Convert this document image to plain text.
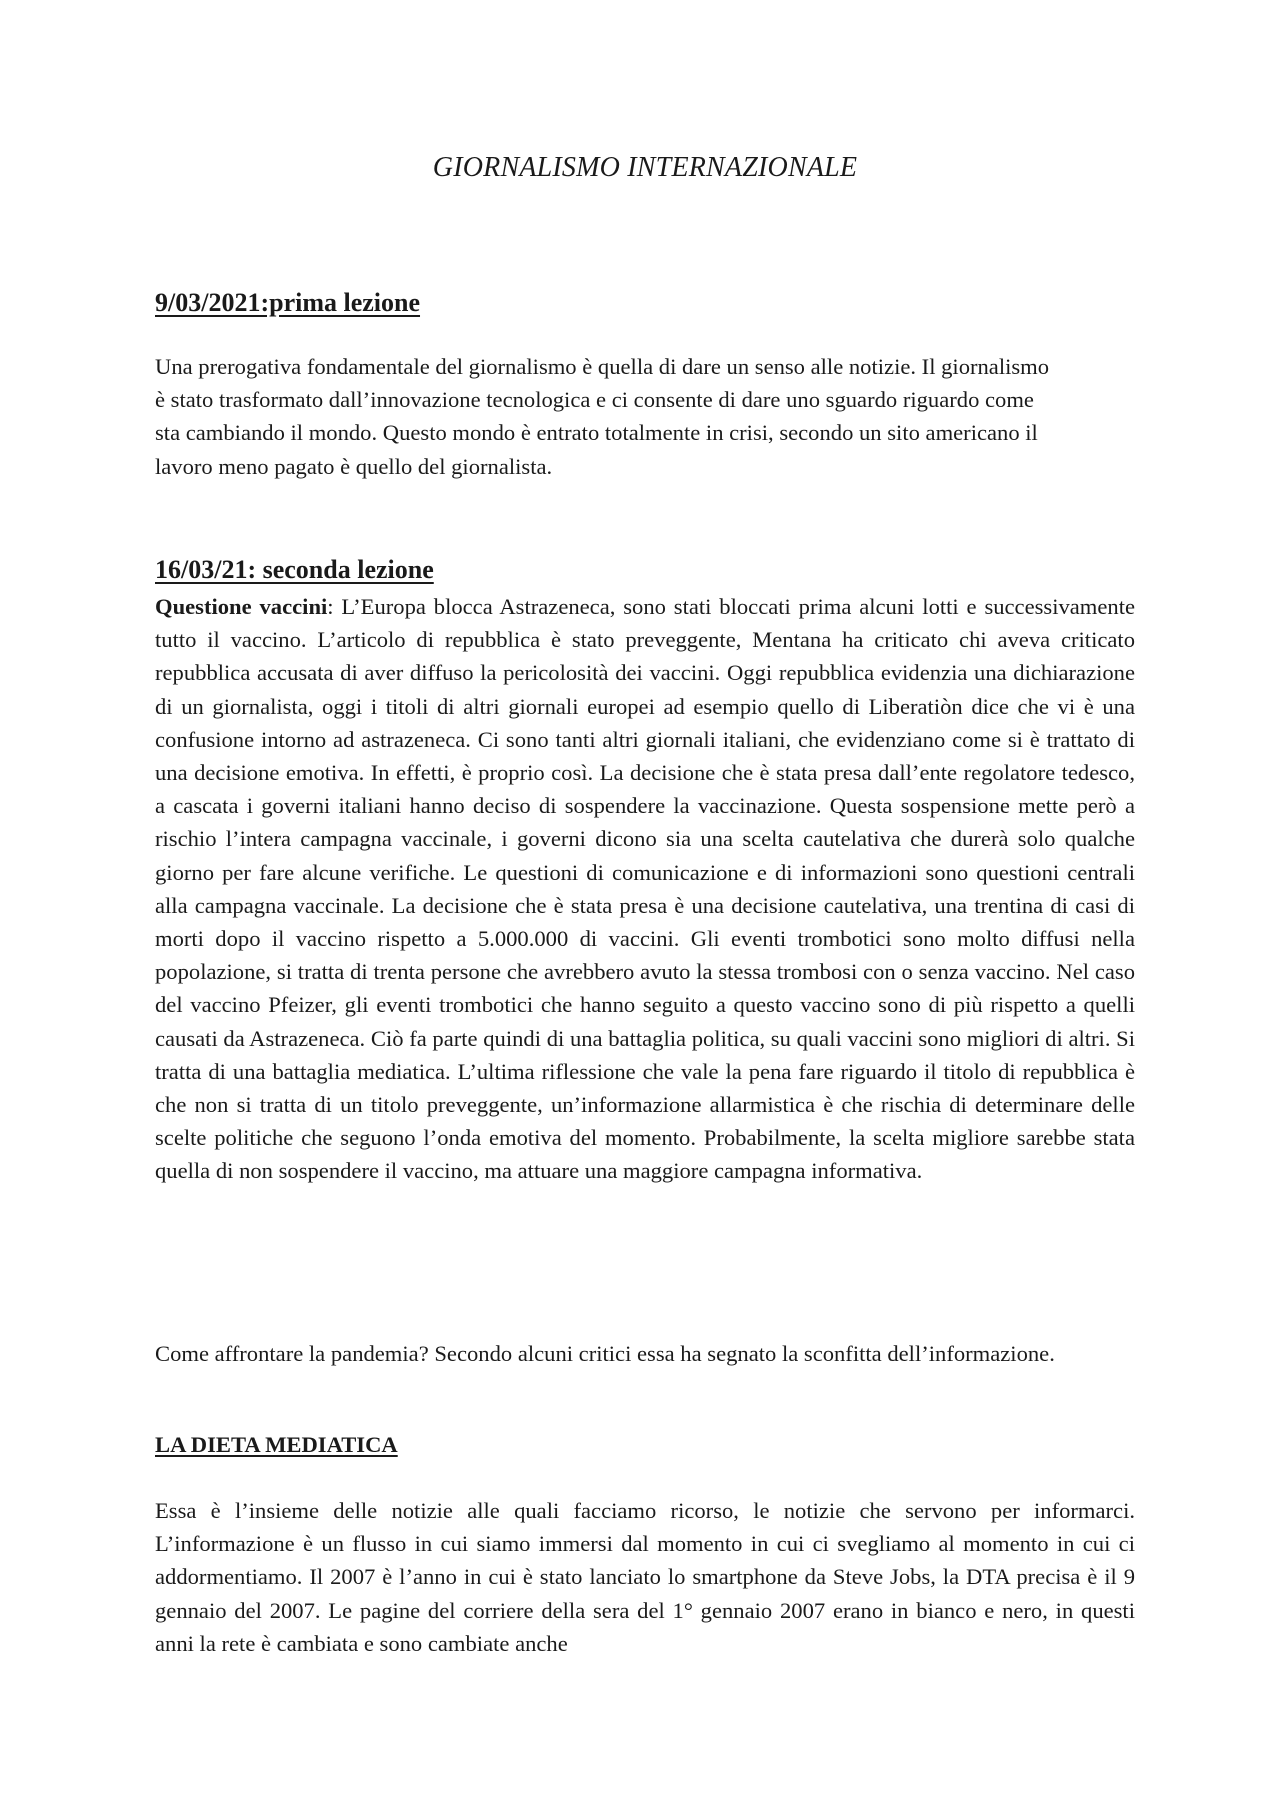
GIORNALISMO INTERNAZIONALE
9/03/2021:prima lezione

Una prerogativa fondamentale del giornalismo è quella di dare un senso alle notizie. Il giornalismo è stato trasformato dall’innovazione tecnologica e ci consente di dare uno sguardo riguardo come sta cambiando il mondo. Questo mondo è entrato totalmente in crisi, secondo un sito americano il lavoro meno pagato è quello del giornalista.

16/03/21: seconda lezione

Questione vaccini: L’Europa blocca Astrazeneca, sono stati bloccati prima alcuni lotti e successivamente tutto il vaccino. L’articolo di repubblica è stato preveggente, Mentana ha criticato chi aveva criticato repubblica accusata di aver diffuso la pericolosità dei vaccini. Oggi repubblica evidenzia una dichiarazione di un giornalista, oggi i titoli di altri giornali europei ad esempio quello di Liberatiòn dice che vi è una confusione intorno ad astrazeneca. Ci sono tanti altri giornali italiani, che evidenziano come si è trattato di una decisione emotiva. In effetti, è proprio così. La decisione che è stata presa dall’ente regolatore tedesco, a cascata i governi italiani hanno deciso di sospendere la vaccinazione. Questa sospensione mette però a rischio l’intera campagna vaccinale, i governi dicono sia una scelta cautelativa che durerà solo qualche giorno per fare alcune verifiche. Le questioni di comunicazione e di informazioni sono questioni centrali alla campagna vaccinale. La decisione che è stata presa è una decisione cautelativa, una trentina di casi di morti dopo il vaccino rispetto a 5.000.000 di vaccini. Gli eventi trombotici sono molto diffusi nella popolazione, si tratta di trenta persone che avrebbero avuto la stessa trombosi con o senza vaccino. Nel caso del vaccino Pfeizer, gli eventi trombotici che hanno seguito a questo vaccino sono di più rispetto a quelli causati da Astrazeneca. Ciò fa parte quindi di una battaglia politica, su quali vaccini sono migliori di altri. Si tratta di una battaglia mediatica. L’ultima riflessione che vale la pena fare riguardo il titolo di repubblica è che non si tratta di un titolo preveggente, un’informazione allarmistica è che rischia di determinare delle scelte politiche che seguono l’onda emotiva del momento. Probabilmente, la scelta migliore sarebbe stata quella di non sospendere il vaccino, ma attuare una maggiore campagna informativa.

Come affrontare la pandemia? Secondo alcuni critici essa ha segnato la sconfitta dell’informazione.

LA DIETA MEDIATICA

Essa è l’insieme delle notizie alle quali facciamo ricorso, le notizie che servono per informarci. L’informazione è un flusso in cui siamo immersi dal momento in cui ci svegliamo al momento in cui ci addormentiamo. Il 2007 è l’anno in cui è stato lanciato lo smartphone da Steve Jobs, la DTA precisa è il 9 gennaio del 2007. Le pagine del corriere della sera del 1° gennaio 2007 erano in bianco e nero, in questi anni la rete è cambiata e sono cambiate anche
